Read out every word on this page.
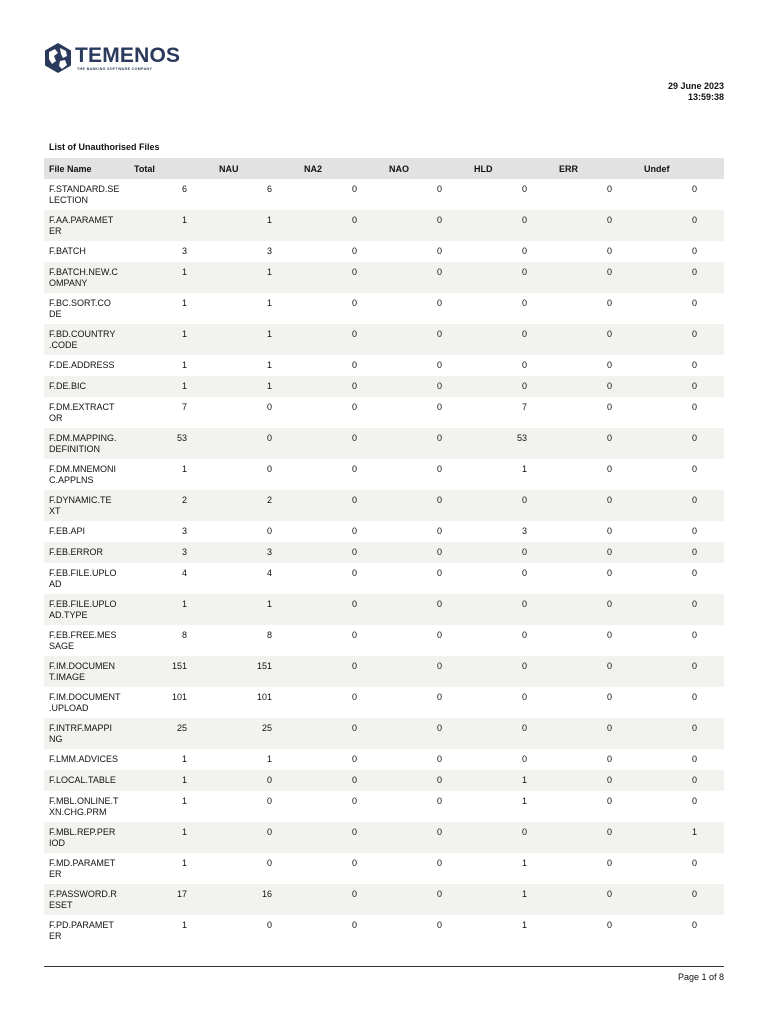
TEMENOS
THE BANKING SOFTWARE COMPANY
29 June 2023
13:59:38
List of Unauthorised Files
File Name	Total	NAU	NA2	NAO	HLD	ERR	Undef

F.STANDARD.SE
LECTION	6	6	0	0	0	0	0

F.AA.PARAMET
ER	1	1	0	0	0	0	0

F.BATCH	3	3	0	0	0	0	0

F.BATCH.NEW.C
OMPANY	1	1	0	0	0	0	0

F.BC.SORT.CO
DE	1	1	0	0	0	0	0

F.BD.COUNTRY
.CODE	1	1	0	0	0	0	0

F.DE.ADDRESS	1	1	0	0	0	0	0

F.DE.BIC	1	1	0	0	0	0	0

F.DM.EXTRACT
OR	7	0	0	0	7	0	0

F.DM.MAPPING.
DEFINITION	53	0	0	0	53	0	0

F.DM.MNEMONI
C.APPLNS	1	0	0	0	1	0	0

F.DYNAMIC.TE
XT	2	2	0	0	0	0	0

F.EB.API	3	0	0	0	3	0	0

F.EB.ERROR	3	3	0	0	0	0	0

F.EB.FILE.UPLO
AD	4	4	0	0	0	0	0

F.EB.FILE.UPLO
AD.TYPE	1	1	0	0	0	0	0

F.EB.FREE.MES
SAGE	8	8	0	0	0	0	0

F.IM.DOCUMEN
T.IMAGE	151	151	0	0	0	0	0

F.IM.DOCUMENT
.UPLOAD	101	101	0	0	0	0	0

F.INTRF.MAPPI
NG	25	25	0	0	0	0	0

F.LMM.ADVICES	1	1	0	0	0	0	0

F.LOCAL.TABLE	1	0	0	0	1	0	0

F.MBL.ONLINE.T
XN.CHG.PRM	1	0	0	0	1	0	0

F.MBL.REP.PER
IOD	1	0	0	0	0	0	1

F.MD.PARAMET
ER	1	0	0	0	1	0	0

F.PASSWORD.R
ESET	17	16	0	0	1	0	0

F.PD.PARAMET
ER	1	0	0	0	1	0	0
Page 1 of 8
